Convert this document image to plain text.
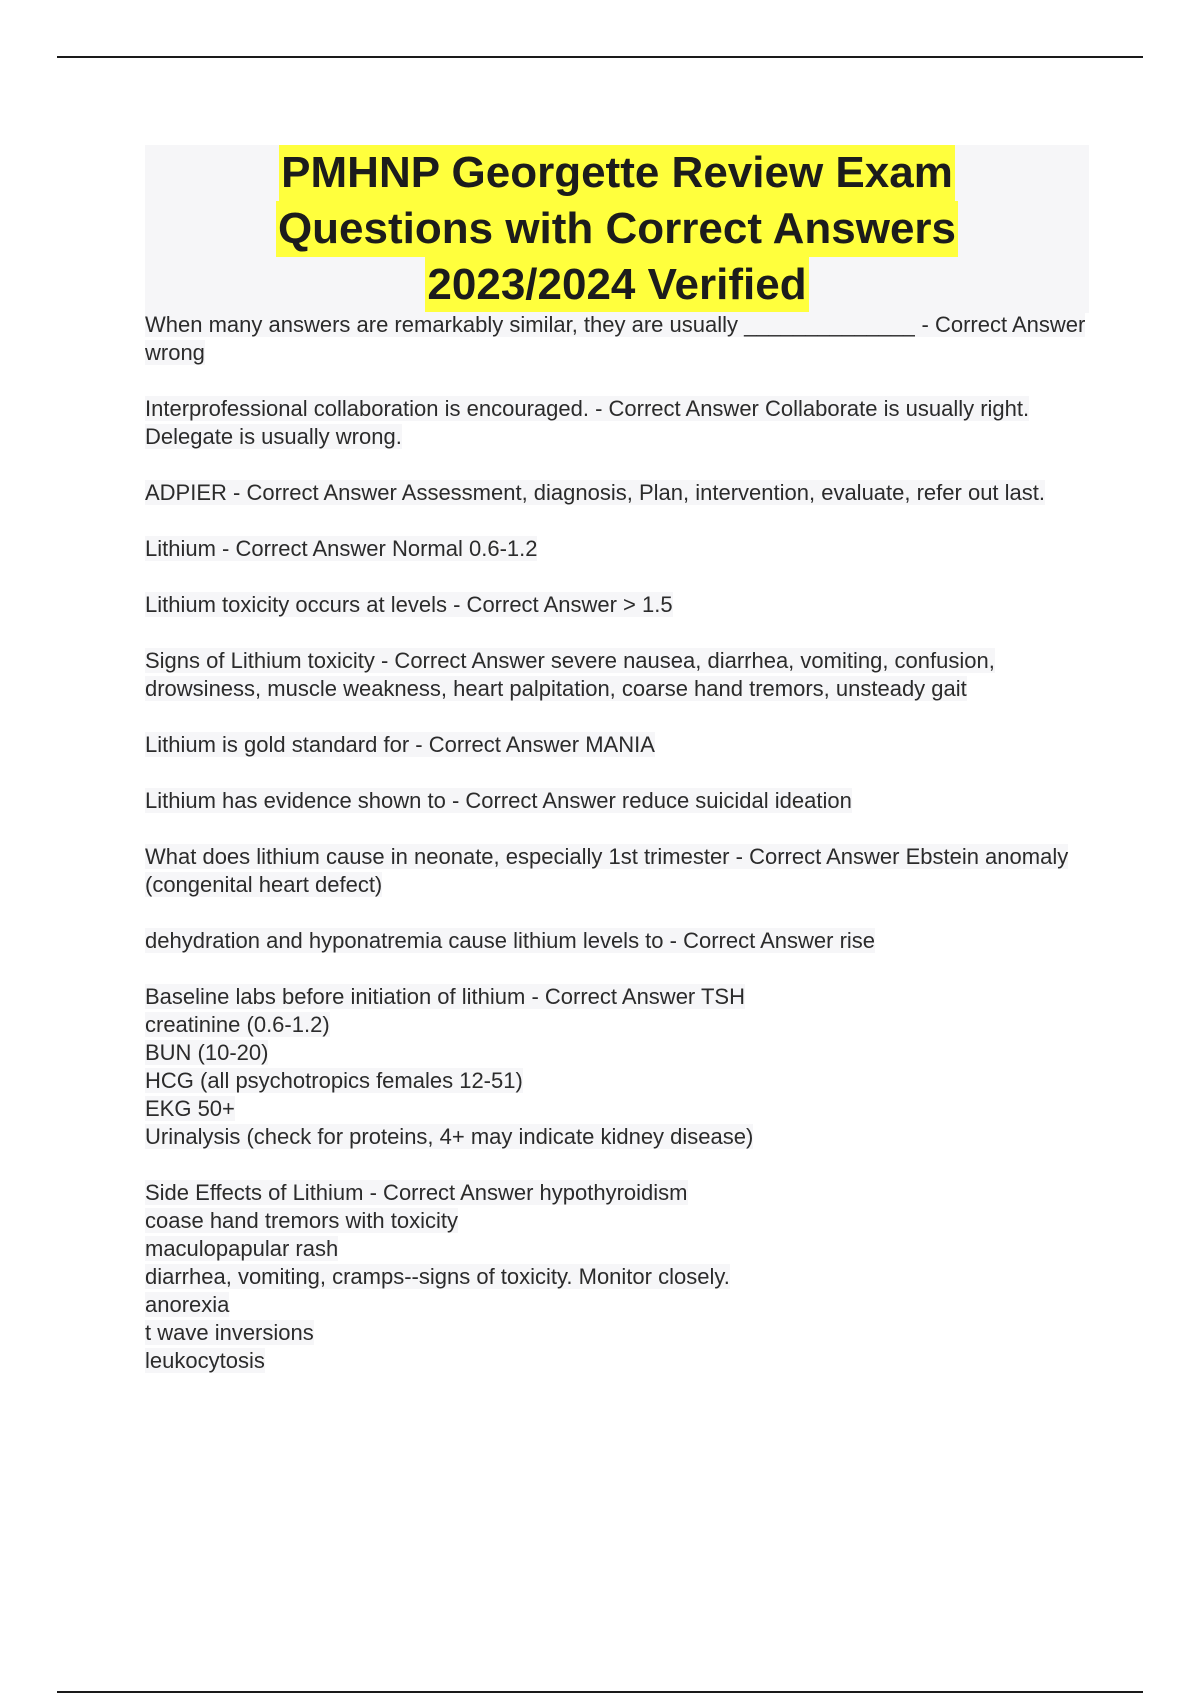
PMHNP Georgette Review Exam
Questions with Correct Answers
2023/2024 Verified
When many answers are remarkably similar, they are usually ______________ - Correct Answer wrong
Interprofessional collaboration is encouraged. - Correct Answer Collaborate is usually right.
Delegate is usually wrong.
ADPIER - Correct Answer Assessment, diagnosis, Plan, intervention, evaluate, refer out last.
Lithium - Correct Answer Normal 0.6-1.2
Lithium toxicity occurs at levels - Correct Answer > 1.5
Signs of Lithium toxicity - Correct Answer severe nausea, diarrhea, vomiting, confusion, drowsiness, muscle weakness, heart palpitation, coarse hand tremors, unsteady gait
Lithium is gold standard for - Correct Answer MANIA
Lithium has evidence shown to - Correct Answer reduce suicidal ideation
What does lithium cause in neonate, especially 1st trimester - Correct Answer Ebstein anomaly (congenital heart defect)
dehydration and hyponatremia cause lithium levels to - Correct Answer rise
Baseline labs before initiation of lithium - Correct Answer TSH
creatinine (0.6-1.2)
BUN (10-20)
HCG (all psychotropics females 12-51)
EKG 50+
Urinalysis (check for proteins, 4+ may indicate kidney disease)
Side Effects of Lithium - Correct Answer hypothyroidism
coase hand tremors with toxicity
maculopapular rash
diarrhea, vomiting, cramps--signs of toxicity. Monitor closely.
anorexia
t wave inversions
leukocytosis
